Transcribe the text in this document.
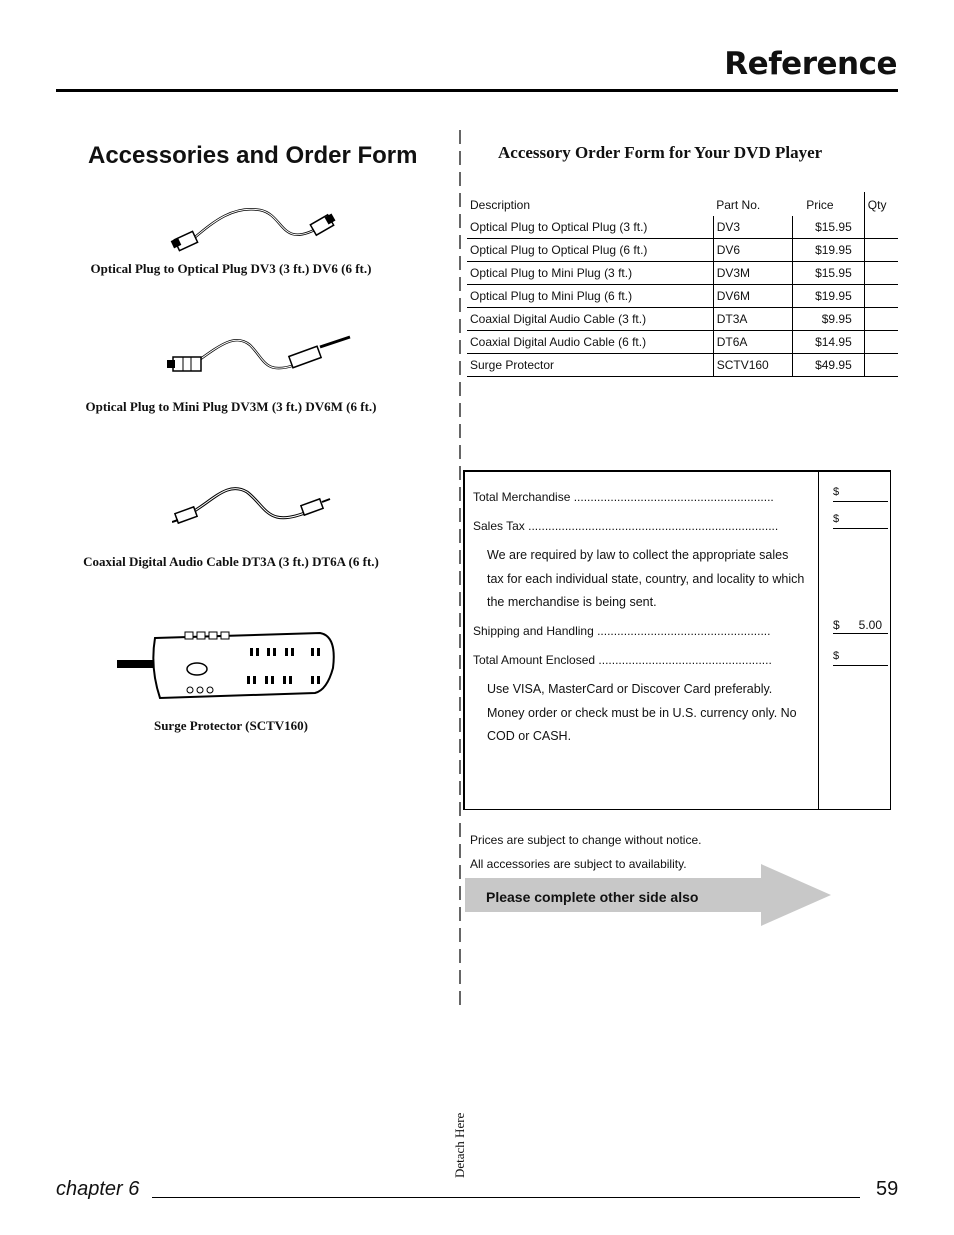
Reference
Accessories and Order Form
Optical Plug to Optical Plug DV3 (3 ft.) DV6 (6 ft.)
Optical Plug to Mini Plug DV3M (3 ft.) DV6M (6 ft.)
Coaxial Digital Audio Cable DT3A (3 ft.) DT6A (6 ft.)
Surge Protector (SCTV160)
Accessory Order Form for Your DVD Player
Description	Part No.	Price	Qty
Optical Plug to Optical Plug (3 ft.)	DV3	$15.95	
Optical Plug to Optical Plug (6 ft.)	DV6	$19.95	
Optical Plug to Mini Plug (3 ft.)	DV3M	$15.95	
Optical Plug to Mini Plug (6 ft.)	DV6M	$19.95	
Coaxial Digital Audio Cable (3 ft.)	DT3A	$9.95	
Coaxial Digital Audio Cable (6 ft.)	DT6A	$14.95	
Surge Protector	SCTV160	$49.95	
Total Merchandise ............................................................	$
Sales Tax ...........................................................................	$
We are required by law to collect the appropriate sales tax for each individual state, country, and locality to which the merchandise is being sent.
Shipping and Handling ....................................................	$ 5.00
Total Amount Enclosed ....................................................	$
Use VISA, MasterCard or Discover Card preferably. Money order or check must be in U.S. currency only. No COD or CASH.
Prices are subject to change without notice.
All accessories are subject to availability.
Please complete other side also
Detach Here
chapter 6	59
